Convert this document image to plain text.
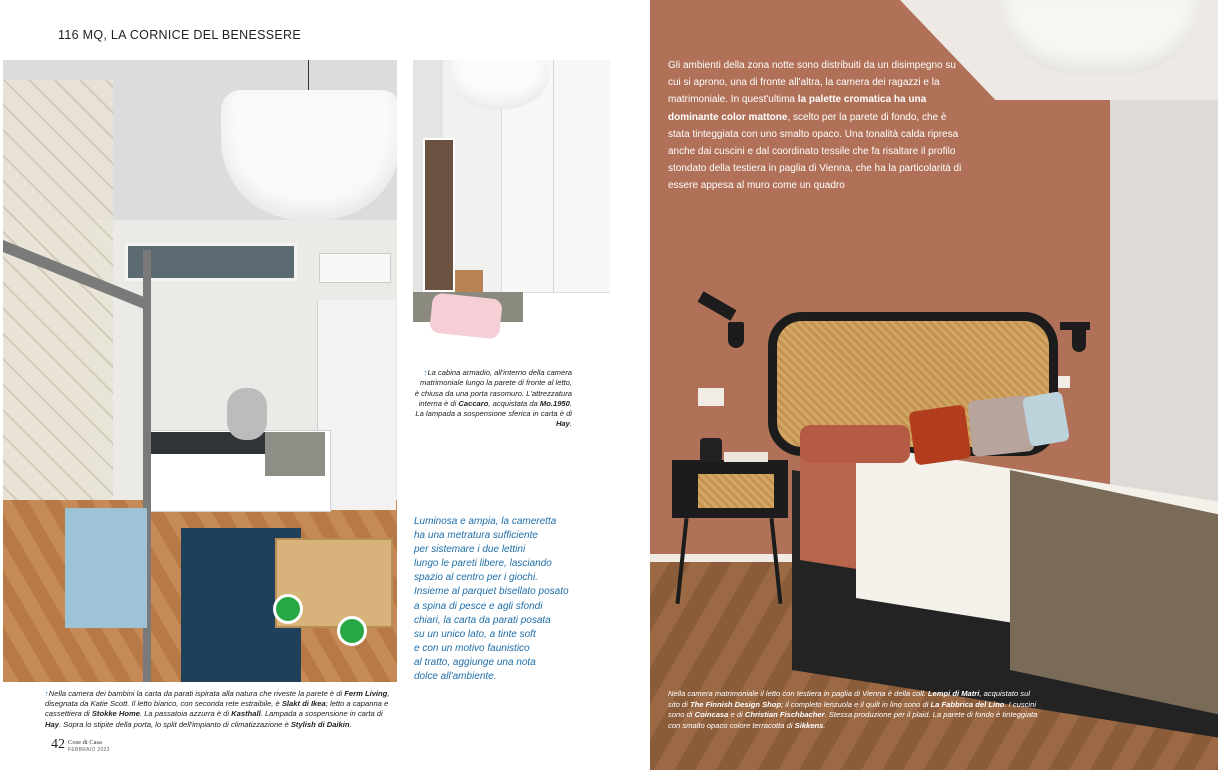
116 MQ, LA CORNICE DEL BENESSERE
↑La cabina armadio, all'interno della camera matrimoniale lungo la parete di fronte al letto, è chiusa da una porta rasomuro. L'attrezzatura interna è di Caccaro, acquistata da Mo.1950. La lampada a sospensione sferica in carta è di Hay.
Luminosa e ampia, la cameretta
ha una metratura sufficiente
per sistemare i due lettini
lungo le pareti libere, lasciando
spazio al centro per i giochi.
Insieme al parquet bisellato posato
a spina di pesce e agli sfondi
chiari, la carta da parati posata
su un unico lato, a tinte soft
e con un motivo faunistico
al tratto, aggiunge una nota
dolce all'ambiente.
↑Nella camera dei bambini la carta da parati ispirata alla natura che riveste la parete è di Ferm Living, disegnata da Katie Scott. Il letto bianco, con seconda rete estraibile, è Slakt di Ikea; letto a capanna e cassettiera di Stokke Home. La passatoia azzurra è di Kasthall. Lampada a sospensione in carta di Hay. Sopra lo stipite della porta, lo split dell'impianto di climatizzazione è Stylish di Daikin.
42 Cose di Casa
FEBBRAIO 2023
Gli ambienti della zona notte sono distribuiti da un disimpegno su cui si aprono, una di fronte all'altra, la camera dei ragazzi e la matrimoniale. In quest'ultima la palette cromatica ha una dominante color mattone, scelto per la parete di fondo, che è stata tinteggiata con uno smalto opaco. Una tonalità calda ripresa anche dai cuscini e dal coordinato tessile che fa risaltare il profilo stondato della testiera in paglia di Vienna, che ha la particolarità di essere appesa al muro come un quadro
Nella camera matrimoniale il letto con testiera in paglia di Vienna è della coll. Lempi di Matri, acquistato sul sito di The Finnish Design Shop; il completo lenzuola e il quilt in lino sono di La Fabbrica del Lino. I cuscini sono di Coincasa e di Christian Fischbacher. Stessa produzione per il plaid. La parete di fondo è tinteggiata con smalto opaco colore terracotta di Sikkens.
